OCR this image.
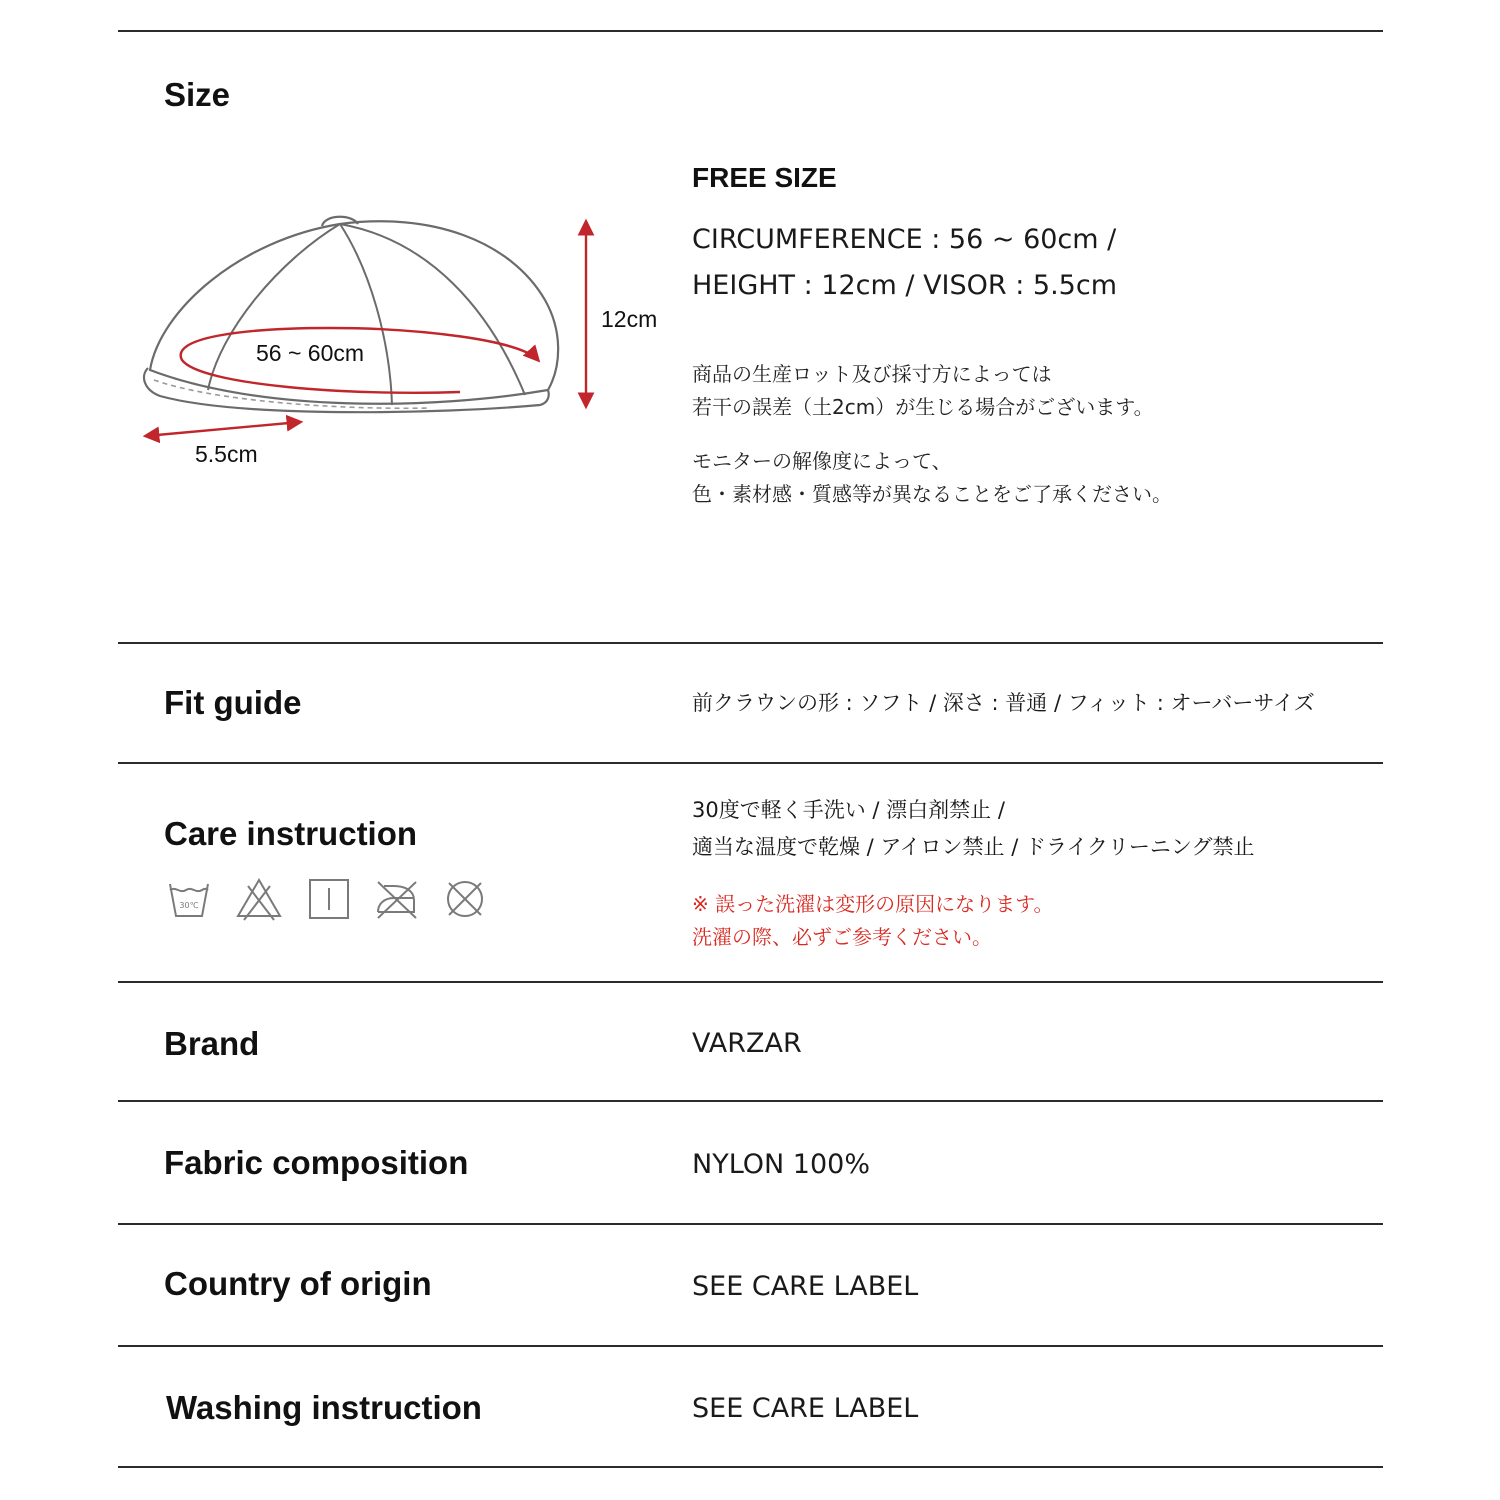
Size
56 ~ 60cm
12cm
5.5cm
FREE SIZE
CIRCUMFERENCE : 56 ~ 60cm /
HEIGHT : 12cm / VISOR : 5.5cm
商品の生産ロット及び採寸方によっては
若干の誤差（土2cm）が生じる場合がございます。
モニターの解像度によって、
色・素材感・質感等が異なることをご了承ください。
Fit guide	前クラウンの形 : ソフト / 深さ : 普通 / フィット : オーバーサイズ
Care instruction
30度で軽く手洗い / 漂白剤禁止 /
適当な温度で乾燥 / アイロン禁止 / ドライクリーニング禁止
※ 誤った洗濯は変形の原因になります。
洗濯の際、必ずご参考ください。
30℃
Brand	VARZAR
Fabric composition	NYLON 100%
Country of origin	SEE CARE LABEL
Washing instruction	SEE CARE LABEL
